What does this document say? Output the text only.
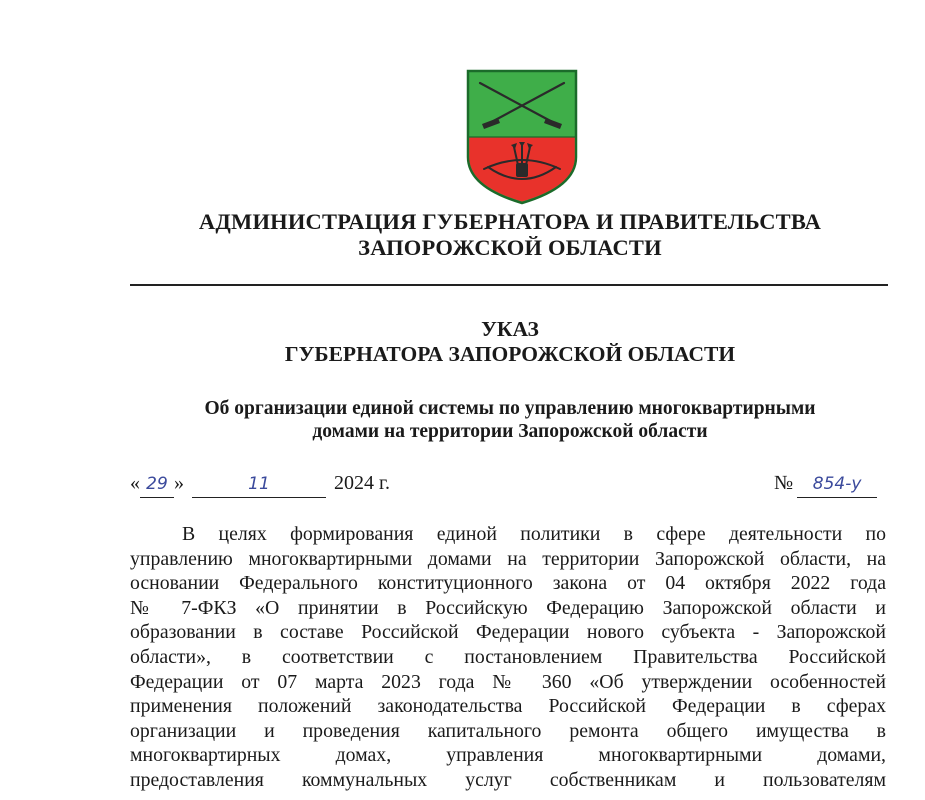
АДМИНИСТРАЦИЯ ГУБЕРНАТОРА И ПРАВИТЕЛЬСТВА
ЗАПОРОЖСКОЙ ОБЛАСТИ
УКАЗ
ГУБЕРНАТОРА ЗАПОРОЖСКОЙ ОБЛАСТИ
Об организации единой системы по управлению многоквартирными
домами на территории Запорожской области
« 29 »	11	2024 г.	№ 854-у
В целях формирования единой политики в сфере деятельности по
управлению многоквартирными домами на территории Запорожской области, на
основании Федерального конституционного закона от 04 октября 2022 года
№ 7-ФКЗ «О принятии в Российскую Федерацию Запорожской области и
образовании в составе Российской Федерации нового субъекта - Запорожской
области», в соответствии с постановлением Правительства Российской
Федерации от 07 марта 2023 года № 360 «Об утверждении особенностей
применения положений законодательства Российской Федерации в сферах
организации и проведения капитального ремонта общего имущества в
многоквартирных домах, управления многоквартирными домами,
предоставления коммунальных услуг собственникам и пользователям
